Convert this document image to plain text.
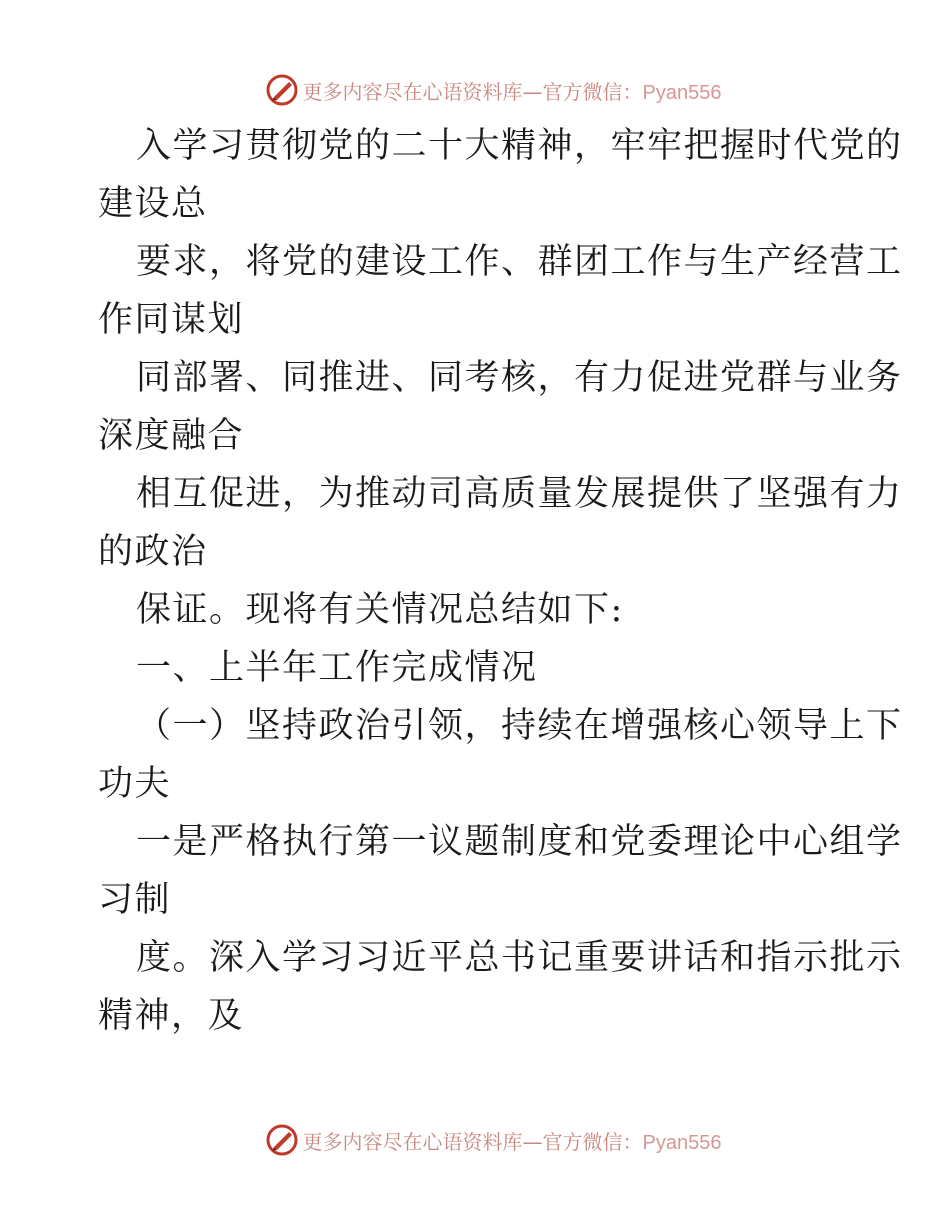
更多内容尽在心语资料库—官方微信：Pyan556
入学习贯彻党的二十大精神，牢牢把握时代党的
建设总
要求，将党的建设工作、群团工作与生产经营工
作同谋划
同部署、同推进、同考核，有力促进党群与业务
深度融合
相互促进，为推动司高质量发展提供了坚强有力
的政治
保证。现将有关情况总结如下:
一、上半年工作完成情况
（一）坚持政治引领，持续在增强核心领导上下
功夫
一是严格执行第一议题制度和党委理论中心组学
习制
度。深入学习习近平总书记重要讲话和指示批示
精神，及
更多内容尽在心语资料库—官方微信：Pyan556
